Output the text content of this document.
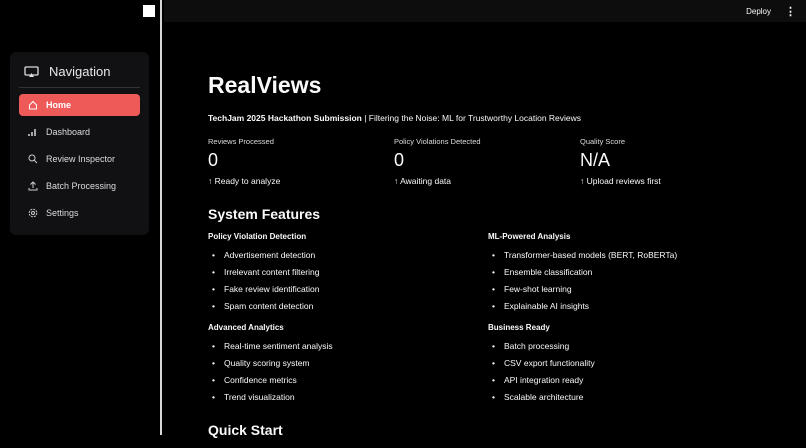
Navigation
Home
Dashboard
Review Inspector
Batch Processing
Settings
Deploy ⋮
RealViews
TechJam 2025 Hackathon Submission | Filtering the Noise: ML for Trustworthy Location Reviews
Reviews Processed
0
↑ Ready to analyze
Policy Violations Detected
0
↑ Awaiting data
Quality Score
N/A
↑ Upload reviews first
System Features
Policy Violation Detection
• Advertisement detection
• Irrelevant content filtering
• Fake review identification
• Spam content detection
Advanced Analytics
• Real-time sentiment analysis
• Quality scoring system
• Confidence metrics
• Trend visualization
ML-Powered Analysis
• Transformer-based models (BERT, RoBERTa)
• Ensemble classification
• Few-shot learning
• Explainable AI insights
Business Ready
• Batch processing
• CSV export functionality
• API integration ready
• Scalable architecture
Quick Start
